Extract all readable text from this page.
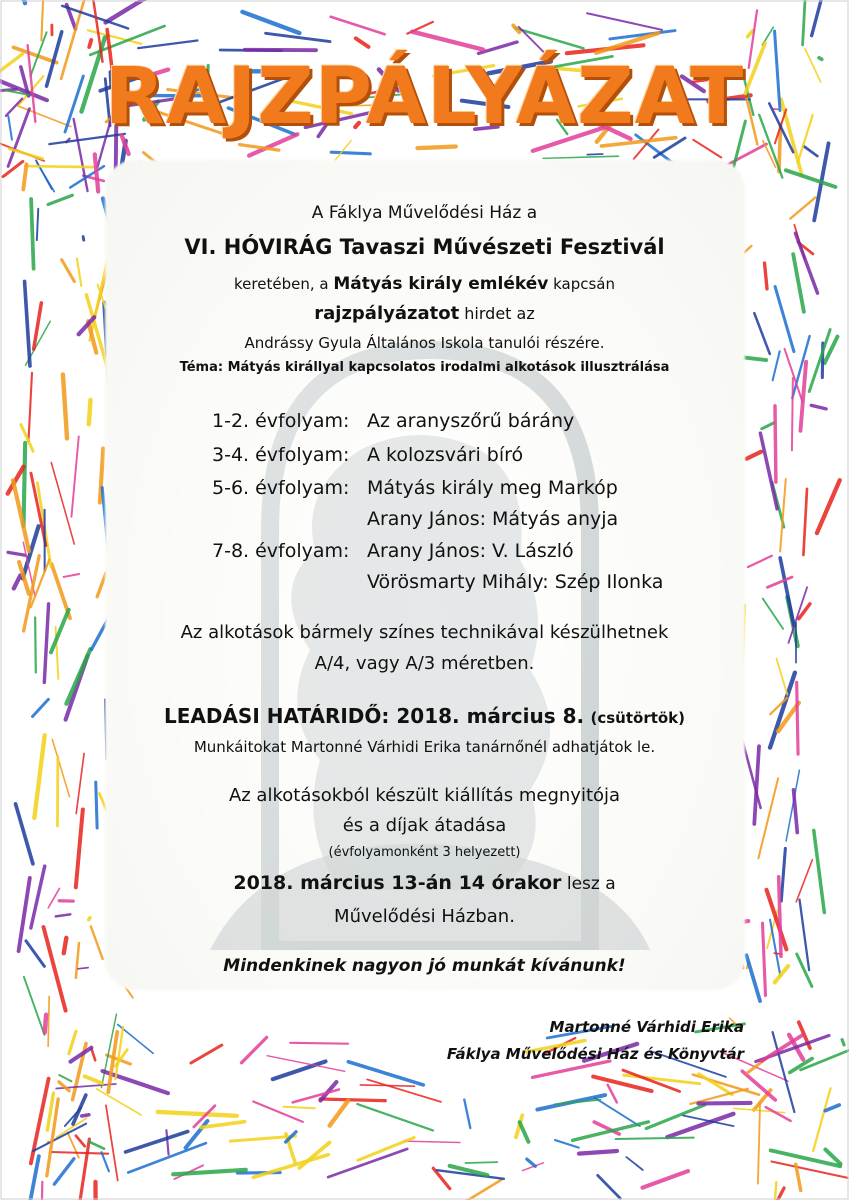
RAJZPÁLYÁZAT
A Fáklya Művelődési Ház a
VI. HÓVIRÁG Tavaszi Művészeti Fesztivál
keretében, a Mátyás király emlékév kapcsán
rajzpályázatot hirdet az
Andrássy Gyula Általános Iskola tanulói részére.
Téma: Mátyás királlyal kapcsolatos irodalmi alkotások illusztrálása
1-2. évfolyam: Az aranyszőrű bárány
3-4. évfolyam: A kolozsvári bíró
5-6. évfolyam: Mátyás király meg Markóp
Arany János: Mátyás anyja
7-8. évfolyam: Arany János: V. László
Vörösmarty Mihály: Szép Ilonka
Az alkotások bármely színes technikával készülhetnek
A/4, vagy A/3 méretben.
LEADÁSI HATÁRIDŐ: 2018. március 8. (csütörtök)
Munkáitokat Martonné Várhidi Erika tanárnőnél adhatjátok le.
Az alkotásokból készült kiállítás megnyitója
és a díjak átadása
(évfolyamonként 3 helyezett)
2018. március 13-án 14 órakor lesz a
Művelődési Házban.
Mindenkinek nagyon jó munkát kívánunk!
Martonné Várhidi Erika
Fáklya Művelődési Ház és Könyvtár
